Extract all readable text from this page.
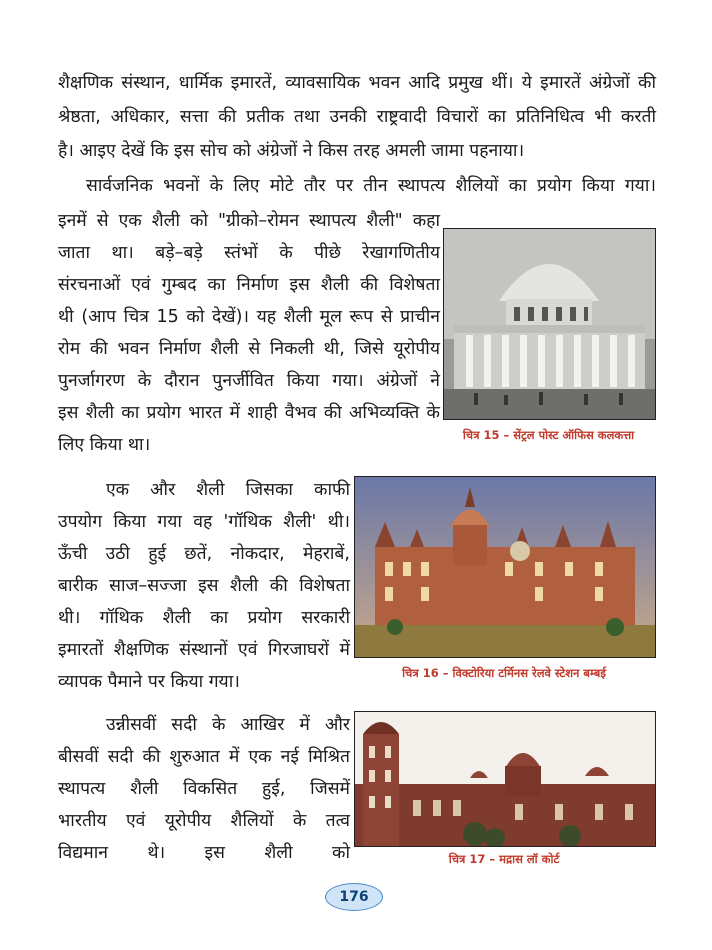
शैक्षणिक संस्थान, धार्मिक इमारतें, व्यावसायिक भवन आदि प्रमुख थीं। ये इमारतें अंग्रेजों की
श्रेष्ठता, अधिकार, सत्ता की प्रतीक तथा उनकी राष्ट्रवादी विचारों का प्रतिनिधित्व भी करती
है। आइए देखें कि इस सोच को अंग्रेजों ने किस तरह अमली जामा पहनाया।
सार्वजनिक भवनों के लिए मोटे तौर पर तीन स्थापत्य शैलियों का प्रयोग किया गया।
इनमें से एक शैली को "ग्रीको–रोमन स्थापत्य शैली" कहा
जाता था। बड़े–बड़े स्तंभों के पीछे रेखागणितीय
संरचनाओं एवं गुम्बद का निर्माण इस शैली की विशेषता
थी (आप चित्र 15 को देखें)। यह शैली मूल रूप से प्राचीन
रोम की भवन निर्माण शैली से निकली थी, जिसे यूरोपीय
पुनर्जागरण के दौरान पुनर्जीवित किया गया। अंग्रेजों ने
इस शैली का प्रयोग भारत में शाही वैभव की अभिव्यक्ति के
लिए किया था।	चित्र 15 – सेंट्रल पोस्ट ऑफिस कलकत्ता
एक और शैली जिसका काफी
उपयोग किया गया वह 'गॉथिक शैली' थी।
ऊँची उठी हुई छतें, नोकदार, मेहराबें,
बारीक साज–सज्जा इस शैली की विशेषता
थी। गॉथिक शैली का प्रयोग सरकारी
इमारतों शैक्षणिक संस्थानों एवं गिरजाघरों में
व्यापक पैमाने पर किया गया।	चित्र 16 – विक्टोरिया टर्मिनस रेलवे स्टेशन बम्बई
उन्नीसवीं सदी के आखिर में और
बीसवीं सदी की शुरुआत में एक नई मिश्रित
स्थापत्य शैली विकसित हुई, जिसमें
भारतीय एवं यूरोपीय शैलियों के तत्व
विद्यमान थे। इस शैली को	चित्र 17 – मद्रास लॉ कोर्ट
176
